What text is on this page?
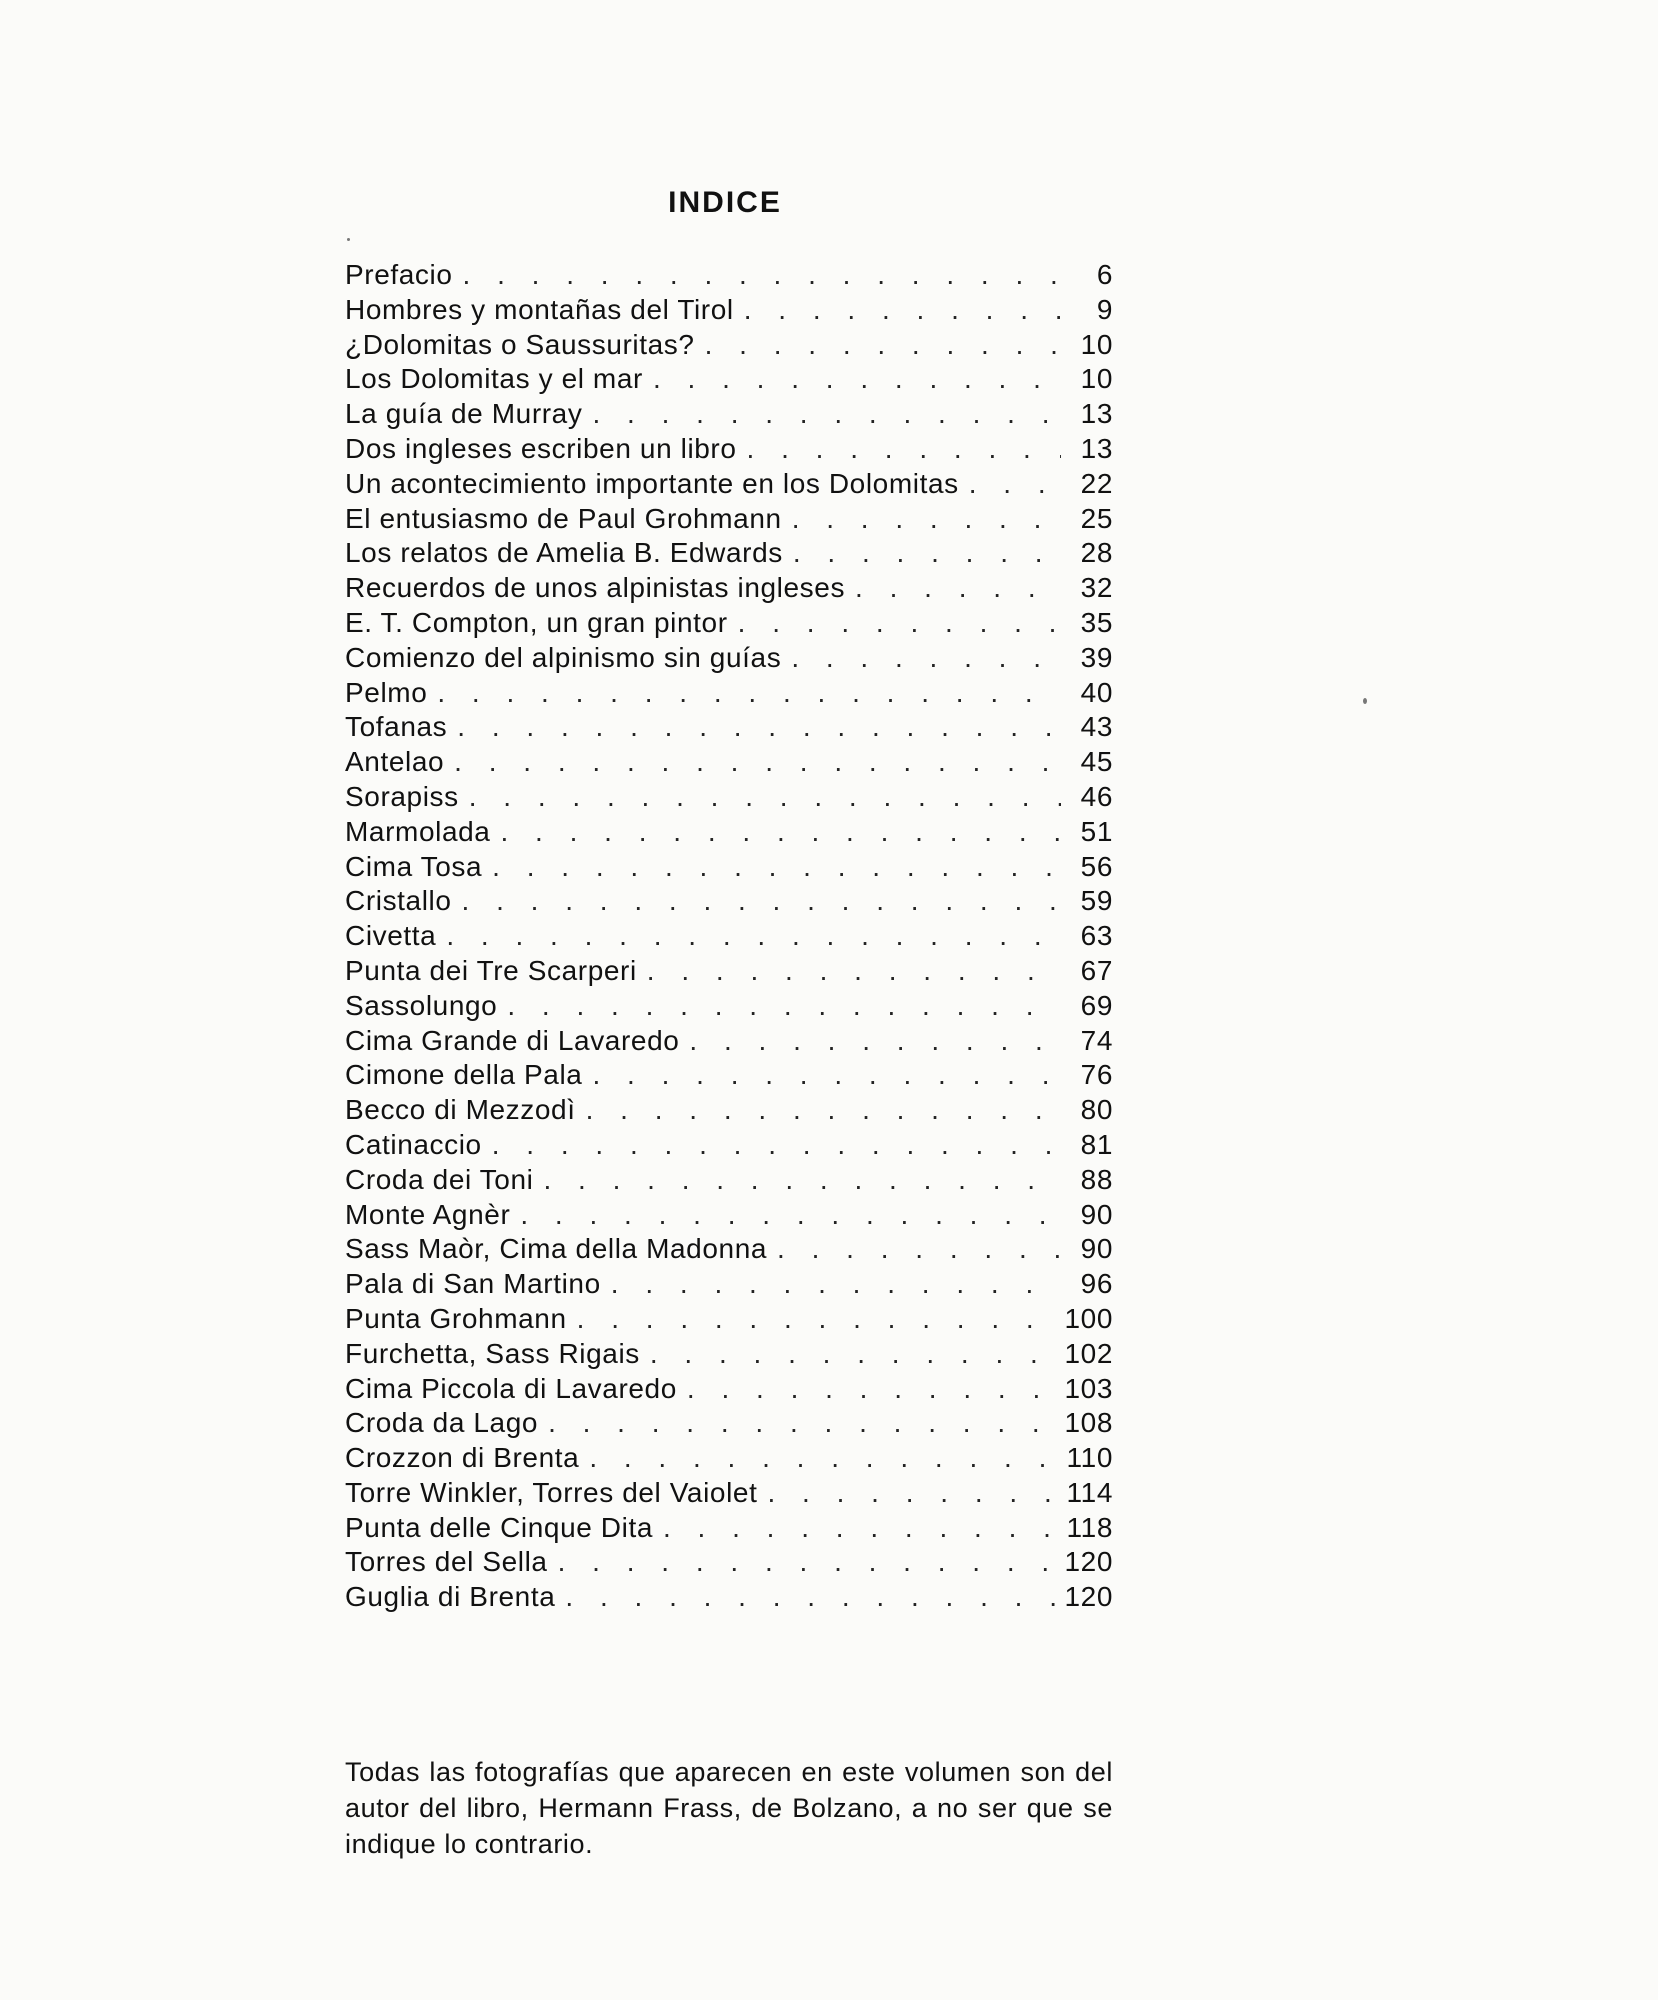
INDICE
Prefacio . . .	6
Hombres y montañas del Tirol . . .	9
¿Dolomitas o Saussuritas? . . .	10
Los Dolomitas y el mar . . .	10
La guía de Murray . . .	13
Dos ingleses escriben un libro . . .	13
Un acontecimiento importante en los Dolomitas . . .	22
El entusiasmo de Paul Grohmann . . .	25
Los relatos de Amelia B. Edwards . . .	28
Recuerdos de unos alpinistas ingleses . . .	32
E. T. Compton, un gran pintor . . .	35
Comienzo del alpinismo sin guías . . .	39
Pelmo . . .	40
Tofanas . . .	43
Antelao . . .	45
Sorapiss . . .	46
Marmolada . . .	51
Cima Tosa . . .	56
Cristallo . . .	59
Civetta . . .	63
Punta dei Tre Scarperi . . .	67
Sassolungo . . .	69
Cima Grande di Lavaredo . . .	74
Cimone della Pala . . .	76
Becco di Mezzodì . . .	80
Catinaccio . . .	81
Croda dei Toni . . .	88
Monte Agnèr . . .	90
Sass Maòr, Cima della Madonna . . .	90
Pala di San Martino . . .	96
Punta Grohmann . . .	100
Furchetta, Sass Rigais . . .	102
Cima Piccola di Lavaredo . . .	103
Croda da Lago . . .	108
Crozzon di Brenta . . .	110
Torre Winkler, Torres del Vaiolet . . .	114
Punta delle Cinque Dita . . .	118
Torres del Sella . . .	120
Guglia di Brenta . . .	120
Todas las fotografías que aparecen en este volumen son del autor del libro, Hermann Frass, de Bolzano, a no ser que se indique lo contrario.
